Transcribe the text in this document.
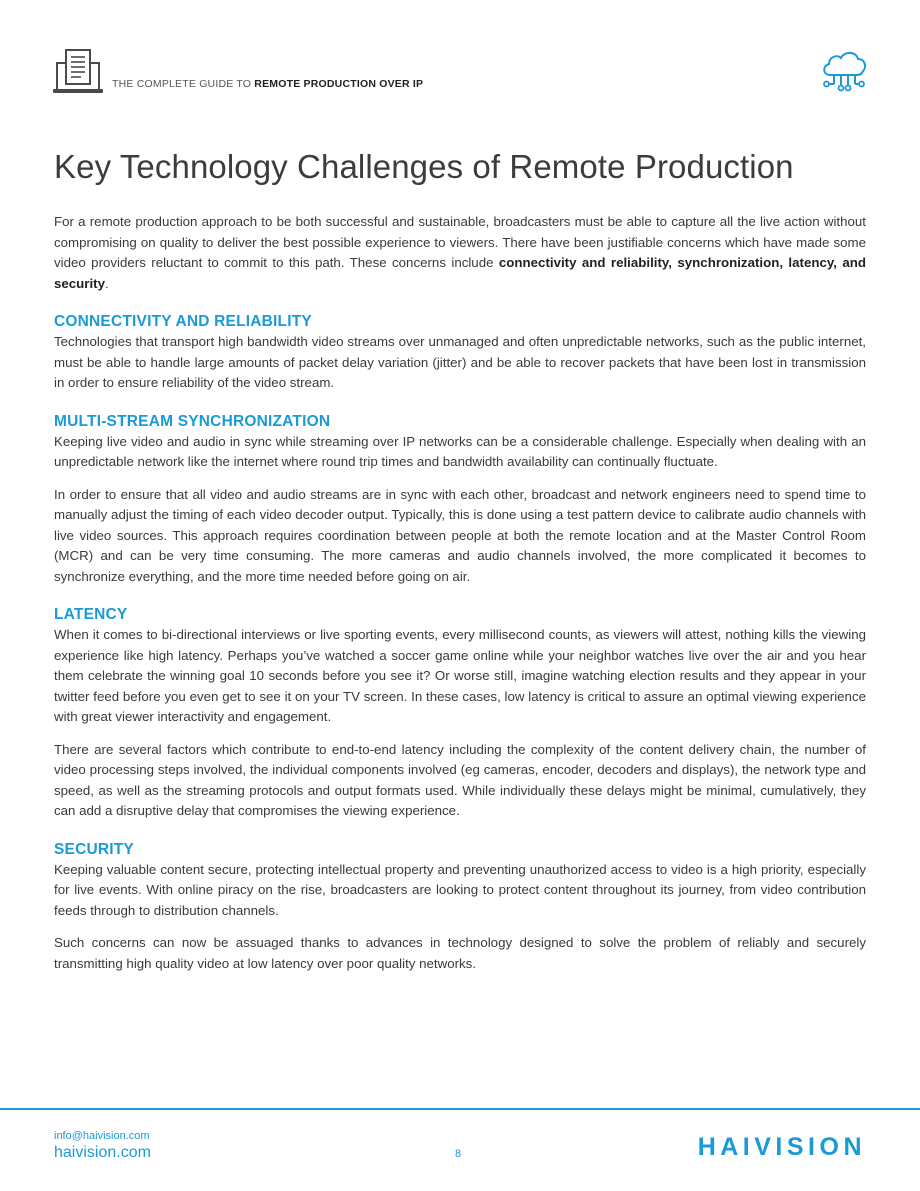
THE COMPLETE GUIDE TO REMOTE PRODUCTION OVER IP
Key Technology Challenges of Remote Production

For a remote production approach to be both successful and sustainable, broadcasters must be able to capture all the live action without compromising on quality to deliver the best possible experience to viewers. There have been justifiable concerns which have made some video providers reluctant to commit to this path. These concerns include connectivity and reliability, synchronization, latency, and security.

CONNECTIVITY AND RELIABILITY

Technologies that transport high bandwidth video streams over unmanaged and often unpredictable networks, such as the public internet, must be able to handle large amounts of packet delay variation (jitter) and be able to recover packets that have been lost in transmission in order to ensure reliability of the video stream.

MULTI-STREAM SYNCHRONIZATION

Keeping live video and audio in sync while streaming over IP networks can be a considerable challenge. Especially when dealing with an unpredictable network like the internet where round trip times and bandwidth availability can continually fluctuate.

In order to ensure that all video and audio streams are in sync with each other, broadcast and network engineers need to spend time to manually adjust the timing of each video decoder output. Typically, this is done using a test pattern device to calibrate audio channels with live video sources. This approach requires coordination between people at both the remote location and at the Master Control Room (MCR) and can be very time consuming. The more cameras and audio channels involved, the more complicated it becomes to synchronize everything, and the more time needed before going on air.

LATENCY

When it comes to bi-directional interviews or live sporting events, every millisecond counts, as viewers will attest, nothing kills the viewing experience like high latency. Perhaps you’ve watched a soccer game online while your neighbor watches live over the air and you hear them celebrate the winning goal 10 seconds before you see it? Or worse still, imagine watching election results and they appear in your twitter feed before you even get to see it on your TV screen. In these cases, low latency is critical to assure an optimal viewing experience with great viewer interactivity and engagement.

There are several factors which contribute to end-to-end latency including the complexity of the content delivery chain, the number of video processing steps involved, the individual components involved (eg cameras, encoder, decoders and displays), the network type and speed, as well as the streaming protocols and output formats used. While individually these delays might be minimal, cumulatively, they can add a disruptive delay that compromises the viewing experience.

SECURITY

Keeping valuable content secure, protecting intellectual property and preventing unauthorized access to video is a high priority, especially for live events. With online piracy on the rise, broadcasters are looking to protect content throughout its journey, from video contribution feeds through to distribution channels.

Such concerns can now be assuaged thanks to advances in technology designed to solve the problem of reliably and securely transmitting high quality video at low latency over poor quality networks.

info@haivision.com
haivision.com	8	HAIVISION
